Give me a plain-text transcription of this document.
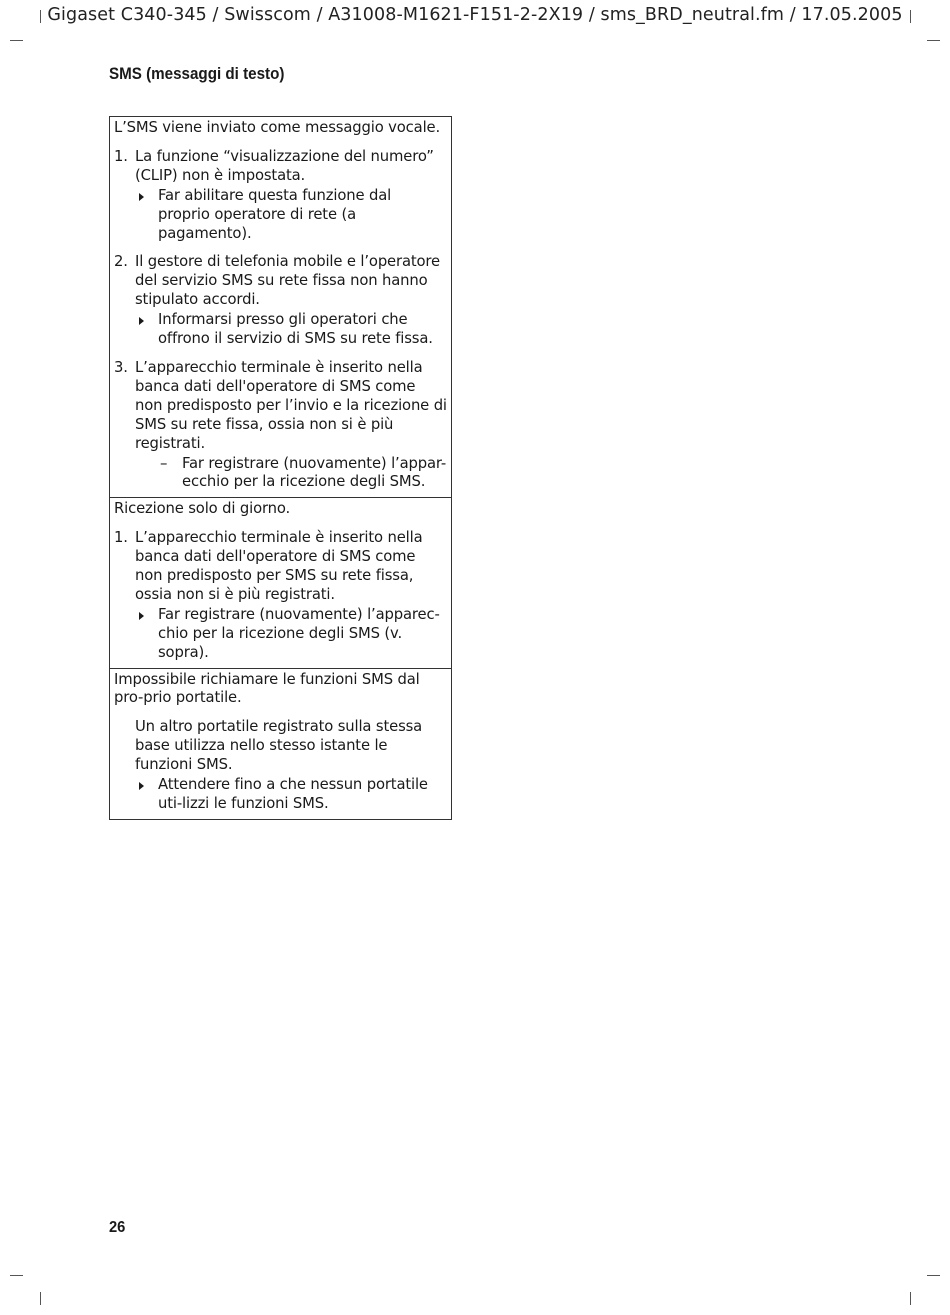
Gigaset C340-345 / Swisscom / A31008-M1621-F151-2-2X19 / sms_BRD_neutral.fm / 17.05.2005
SMS (messaggi di testo)
L’SMS viene inviato come messaggio vocale.
1. La funzione “visualizzazione del numero” (CLIP) non è impostata.
Far abilitare questa funzione dal proprio operatore di rete (a pagamento).
2. Il gestore di telefonia mobile e l’operatore del servizio SMS su rete fissa non hanno stipulato accordi.
Informarsi presso gli operatori che offrono il servizio di SMS su rete fissa.
3. L’apparecchio terminale è inserito nella banca dati dell'operatore di SMS come non predisposto per l’invio e la ricezione di SMS su rete fissa, ossia non si è più registrati.
– Far registrare (nuovamente) l’appar-ecchio per la ricezione degli SMS.
Ricezione solo di giorno.
1. L’apparecchio terminale è inserito nella banca dati dell'operatore di SMS come non predisposto per SMS su rete fissa, ossia non si è più registrati.
Far registrare (nuovamente) l’apparec-chio per la ricezione degli SMS (v. sopra).
Impossibile richiamare le funzioni SMS dal pro-prio portatile.
Un altro portatile registrato sulla stessa base utilizza nello stesso istante le funzioni SMS.
Attendere fino a che nessun portatile uti-lizzi le funzioni SMS.
26
